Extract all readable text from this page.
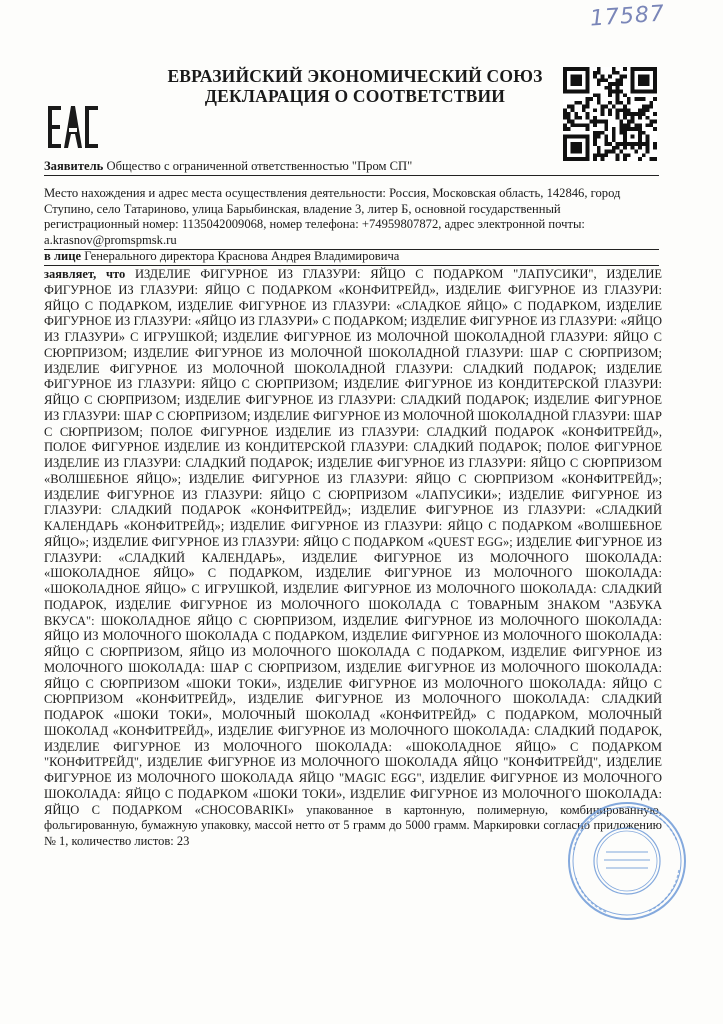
17587
ЕВРАЗИЙСКИЙ ЭКОНОМИЧЕСКИЙ СОЮЗ
ДЕКЛАРАЦИЯ О СООТВЕТСТВИИ
Заявитель Общество с ограниченной ответственностью "Пром СП"
Место нахождения и адрес места осуществления деятельности: Россия, Московская область, 142846, город Ступино, село Татариново, улица Барыбинская, владение 3, литер Б, основной государственный регистрационный номер: 1135042009068, номер телефона: +74959807872, адрес электронной почты: a.krasnov@promspmsk.ru
в лице Генерального директора Краснова Андрея Владимировича

заявляет, что ИЗДЕЛИЕ ФИГУРНОЕ ИЗ ГЛАЗУРИ: ЯЙЦО С ПОДАРКОМ "ЛАПУСИКИ", ИЗДЕЛИЕ ФИГУРНОЕ ИЗ ГЛАЗУРИ: ЯЙЦО С ПОДАРКОМ «КОНФИТРЕЙД», ИЗДЕЛИЕ ФИГУРНОЕ ИЗ ГЛАЗУРИ: ЯЙЦО С ПОДАРКОМ, ИЗДЕЛИЕ ФИГУРНОЕ ИЗ ГЛАЗУРИ: «СЛАДКОЕ ЯЙЦО» С ПОДАРКОМ, ИЗДЕЛИЕ ФИГУРНОЕ ИЗ ГЛАЗУРИ: «ЯЙЦО ИЗ ГЛАЗУРИ» С ПОДАРКОМ; ИЗДЕЛИЕ ФИГУРНОЕ ИЗ ГЛАЗУРИ: «ЯЙЦО ИЗ ГЛАЗУРИ» С ИГРУШКОЙ; ИЗДЕЛИЕ ФИГУРНОЕ ИЗ МОЛОЧНОЙ ШОКОЛАДНОЙ ГЛАЗУРИ: ЯЙЦО С СЮРПРИЗОМ; ИЗДЕЛИЕ ФИГУРНОЕ ИЗ МОЛОЧНОЙ ШОКОЛАДНОЙ ГЛАЗУРИ: ШАР С СЮРПРИЗОМ; ИЗДЕЛИЕ ФИГУРНОЕ ИЗ МОЛОЧНОЙ ШОКОЛАДНОЙ ГЛАЗУРИ: СЛАДКИЙ ПОДАРОК; ИЗДЕЛИЕ ФИГУРНОЕ ИЗ ГЛАЗУРИ: ЯЙЦО С СЮРПРИЗОМ; ИЗДЕЛИЕ ФИГУРНОЕ ИЗ КОНДИТЕРСКОЙ ГЛАЗУРИ: ЯЙЦО С СЮРПРИЗОМ; ИЗДЕЛИЕ ФИГУРНОЕ ИЗ ГЛАЗУРИ: СЛАДКИЙ ПОДАРОК; ИЗДЕЛИЕ ФИГУРНОЕ ИЗ ГЛАЗУРИ: ШАР С СЮРПРИЗОМ; ИЗДЕЛИЕ ФИГУРНОЕ ИЗ МОЛОЧНОЙ ШОКОЛАДНОЙ ГЛАЗУРИ: ШАР С СЮРПРИЗОМ; ПОЛОЕ ФИГУРНОЕ ИЗДЕЛИЕ ИЗ ГЛАЗУРИ: СЛАДКИЙ ПОДАРОК «КОНФИТРЕЙД», ПОЛОЕ ФИГУРНОЕ ИЗДЕЛИЕ ИЗ КОНДИТЕРСКОЙ ГЛАЗУРИ: СЛАДКИЙ ПОДАРОК; ПОЛОЕ ФИГУРНОЕ ИЗДЕЛИЕ ИЗ ГЛАЗУРИ: СЛАДКИЙ ПОДАРОК; ИЗДЕЛИЕ ФИГУРНОЕ ИЗ ГЛАЗУРИ: ЯЙЦО С СЮРПРИЗОМ «ВОЛШЕБНОЕ ЯЙЦО»; ИЗДЕЛИЕ ФИГУРНОЕ ИЗ ГЛАЗУРИ: ЯЙЦО С СЮРПРИЗОМ «КОНФИТРЕЙД»; ИЗДЕЛИЕ ФИГУРНОЕ ИЗ ГЛАЗУРИ: ЯЙЦО С СЮРПРИЗОМ «ЛАПУСИКИ»; ИЗДЕЛИЕ ФИГУРНОЕ ИЗ ГЛАЗУРИ: СЛАДКИЙ ПОДАРОК «КОНФИТРЕЙД»; ИЗДЕЛИЕ ФИГУРНОЕ ИЗ ГЛАЗУРИ: «СЛАДКИЙ КАЛЕНДАРЬ «КОНФИТРЕЙД»; ИЗДЕЛИЕ ФИГУРНОЕ ИЗ ГЛАЗУРИ: ЯЙЦО С ПОДАРКОМ «ВОЛШЕБНОЕ ЯЙЦО»; ИЗДЕЛИЕ ФИГУРНОЕ ИЗ ГЛАЗУРИ: ЯЙЦО С ПОДАРКОМ «QUEST EGG»; ИЗДЕЛИЕ ФИГУРНОЕ ИЗ ГЛАЗУРИ: «СЛАДКИЙ КАЛЕНДАРЬ», ИЗДЕЛИЕ ФИГУРНОЕ ИЗ МОЛОЧНОГО ШОКОЛАДА: «ШОКОЛАДНОЕ ЯЙЦО» С ПОДАРКОМ, ИЗДЕЛИЕ ФИГУРНОЕ ИЗ МОЛОЧНОГО ШОКОЛАДА: «ШОКОЛАДНОЕ ЯЙЦО» С ИГРУШКОЙ, ИЗДЕЛИЕ ФИГУРНОЕ ИЗ МОЛОЧНОГО ШОКОЛАДА: СЛАДКИЙ ПОДАРОК, ИЗДЕЛИЕ ФИГУРНОЕ ИЗ МОЛОЧНОГО ШОКОЛАДА С ТОВАРНЫМ ЗНАКОМ "АЗБУКА ВКУСА": ШОКОЛАДНОЕ ЯЙЦО С СЮРПРИЗОМ, ИЗДЕЛИЕ ФИГУРНОЕ ИЗ МОЛОЧНОГО ШОКОЛАДА: ЯЙЦО ИЗ МОЛОЧНОГО ШОКОЛАДА С ПОДАРКОМ, ИЗДЕЛИЕ ФИГУРНОЕ ИЗ МОЛОЧНОГО ШОКОЛАДА: ЯЙЦО С СЮРПРИЗОМ, ЯЙЦО ИЗ МОЛОЧНОГО ШОКОЛАДА С ПОДАРКОМ, ИЗДЕЛИЕ ФИГУРНОЕ ИЗ МОЛОЧНОГО ШОКОЛАДА: ШАР С СЮРПРИЗОМ, ИЗДЕЛИЕ ФИГУРНОЕ ИЗ МОЛОЧНОГО ШОКОЛАДА: ЯЙЦО С СЮРПРИЗОМ «ШОКИ ТОКИ», ИЗДЕЛИЕ ФИГУРНОЕ ИЗ МОЛОЧНОГО ШОКОЛАДА: ЯЙЦО С СЮРПРИЗОМ «КОНФИТРЕЙД», ИЗДЕЛИЕ ФИГУРНОЕ ИЗ МОЛОЧНОГО ШОКОЛАДА: СЛАДКИЙ ПОДАРОК «ШОКИ ТОКИ», МОЛОЧНЫЙ ШОКОЛАД «КОНФИТРЕЙД» С ПОДАРКОМ, МОЛОЧНЫЙ ШОКОЛАД «КОНФИТРЕЙД», ИЗДЕЛИЕ ФИГУРНОЕ ИЗ МОЛОЧНОГО ШОКОЛАДА: СЛАДКИЙ ПОДАРОК, ИЗДЕЛИЕ ФИГУРНОЕ ИЗ МОЛОЧНОГО ШОКОЛАДА: «ШОКОЛАДНОЕ ЯЙЦО» С ПОДАРКОМ "КОНФИТРЕЙД", ИЗДЕЛИЕ ФИГУРНОЕ ИЗ МОЛОЧНОГО ШОКОЛАДА ЯЙЦО "КОНФИТРЕЙД", ИЗДЕЛИЕ ФИГУРНОЕ ИЗ МОЛОЧНОГО ШОКОЛАДА ЯЙЦО "MAGIC EGG", ИЗДЕЛИЕ ФИГУРНОЕ ИЗ МОЛОЧНОГО ШОКОЛАДА: ЯЙЦО С ПОДАРКОМ «ШОКИ ТОКИ», ИЗДЕЛИЕ ФИГУРНОЕ ИЗ МОЛОЧНОГО ШОКОЛАДА: ЯЙЦО С ПОДАРКОМ «CHOCOBARIKI» упакованное в картонную, полимерную, комбинированную, фольгированную, бумажную упаковку, массой нетто от 5 грамм до 5000 грамм. Маркировки согласно приложению № 1, количество листов: 23
